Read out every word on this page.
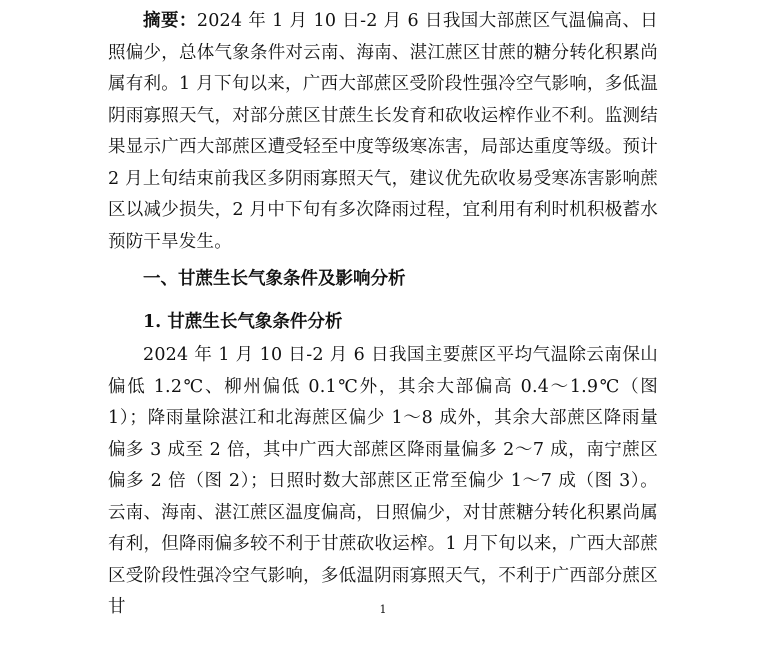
摘要：2024 年 1 月 10 日-2 月 6 日我国大部蔗区气温偏高、日照偏少，总体气象条件对云南、海南、湛江蔗区甘蔗的糖分转化积累尚属有利。1 月下旬以来，广西大部蔗区受阶段性强冷空气影响，多低温阴雨寡照天气，对部分蔗区甘蔗生长发育和砍收运榨作业不利。监测结果显示广西大部蔗区遭受轻至中度等级寒冻害，局部达重度等级。预计 2 月上旬结束前我区多阴雨寡照天气，建议优先砍收易受寒冻害影响蔗区以减少损失，2 月中下旬有多次降雨过程，宜利用有利时机积极蓄水预防干旱发生。

一、甘蔗生长气象条件及影响分析
1. 甘蔗生长气象条件分析

2024 年 1 月 10 日-2 月 6 日我国主要蔗区平均气温除云南保山偏低 1.2℃、柳州偏低 0.1℃外，其余大部偏高 0.4～1.9℃（图 1）；降雨量除湛江和北海蔗区偏少 1～8 成外，其余大部蔗区降雨量偏多 3 成至 2 倍，其中广西大部蔗区降雨量偏多 2～7 成，南宁蔗区偏多 2 倍（图 2）；日照时数大部蔗区正常至偏少 1～7 成（图 3）。云南、海南、湛江蔗区温度偏高，日照偏少，对甘蔗糖分转化积累尚属有利，但降雨偏多较不利于甘蔗砍收运榨。1 月下旬以来，广西大部蔗区受阶段性强冷空气影响，多低温阴雨寡照天气，不利于广西部分蔗区甘	1
